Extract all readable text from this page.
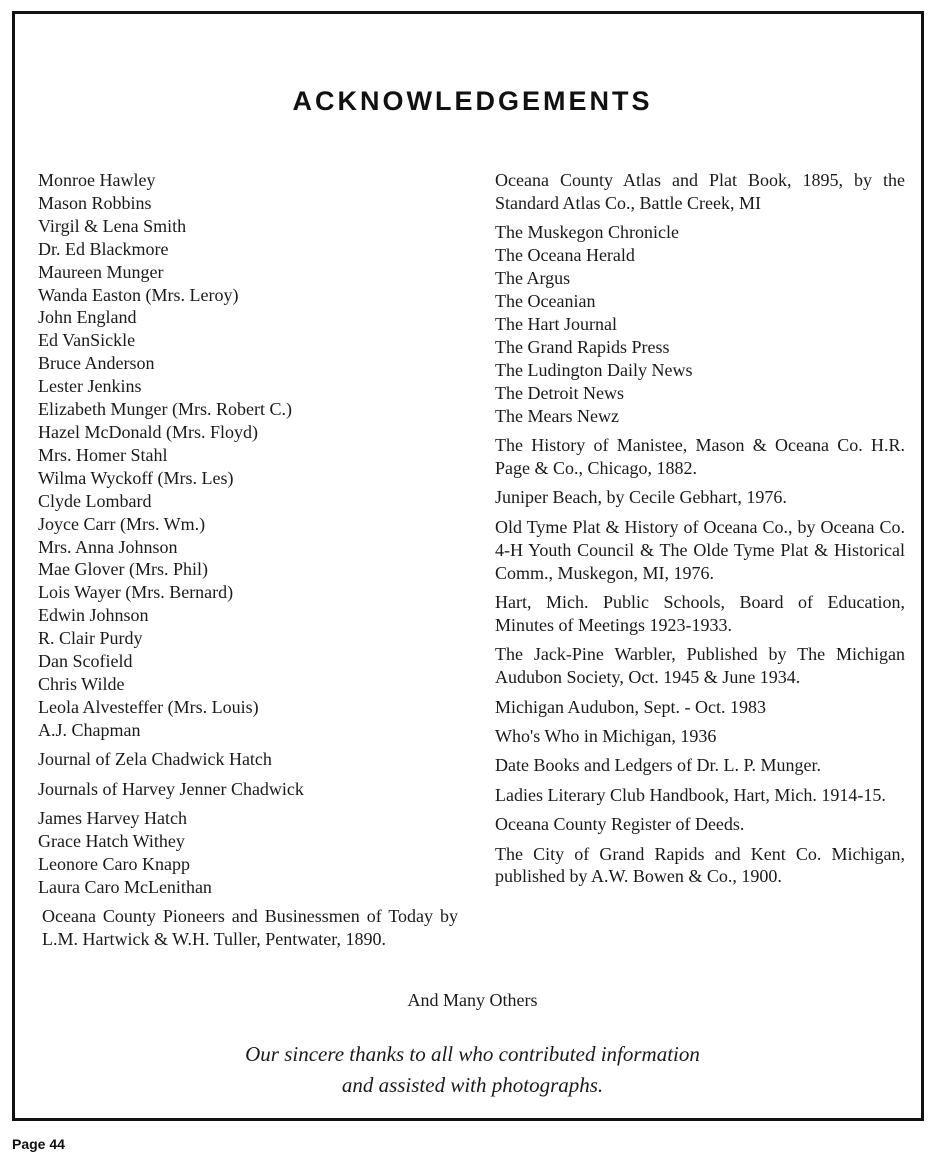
ACKNOWLEDGEMENTS
Monroe Hawley
Mason Robbins
Virgil & Lena Smith
Dr. Ed Blackmore
Maureen Munger
Wanda Easton (Mrs. Leroy)
John England
Ed VanSickle
Bruce Anderson
Lester Jenkins
Elizabeth Munger (Mrs. Robert C.)
Hazel McDonald (Mrs. Floyd)
Mrs. Homer Stahl
Wilma Wyckoff (Mrs. Les)
Clyde Lombard
Joyce Carr (Mrs. Wm.)
Mrs. Anna Johnson
Mae Glover (Mrs. Phil)
Lois Wayer (Mrs. Bernard)
Edwin Johnson
R. Clair Purdy
Dan Scofield
Chris Wilde
Leola Alvesteffer (Mrs. Louis)
A.J. Chapman
Journal of Zela Chadwick Hatch
Journals of Harvey Jenner Chadwick
James Harvey Hatch
Grace Hatch Withey
Leonore Caro Knapp
Laura Caro McLenithan
Oceana County Pioneers and Businessmen of Today by L.M. Hartwick & W.H. Tuller, Pentwater, 1890.
Oceana County Atlas and Plat Book, 1895, by the Standard Atlas Co., Battle Creek, MI
The Muskegon Chronicle
The Oceana Herald
The Argus
The Oceanian
The Hart Journal
The Grand Rapids Press
The Ludington Daily News
The Detroit News
The Mears Newz
The History of Manistee, Mason & Oceana Co. H.R. Page & Co., Chicago, 1882.
Juniper Beach, by Cecile Gebhart, 1976.
Old Tyme Plat & History of Oceana Co., by Oceana Co. 4-H Youth Council & The Olde Tyme Plat & Historical Comm., Muskegon, MI, 1976.
Hart, Mich. Public Schools, Board of Education, Minutes of Meetings 1923-1933.
The Jack-Pine Warbler, Published by The Michigan Audubon Society, Oct. 1945 & June 1934.
Michigan Audubon, Sept. - Oct. 1983
Who's Who in Michigan, 1936
Date Books and Ledgers of Dr. L. P. Munger.
Ladies Literary Club Handbook, Hart, Mich. 1914-15.
Oceana County Register of Deeds.
The City of Grand Rapids and Kent Co. Michigan, published by A.W. Bowen & Co., 1900.
And Many Others
Our sincere thanks to all who contributed information
and assisted with photographs.
Page 44
